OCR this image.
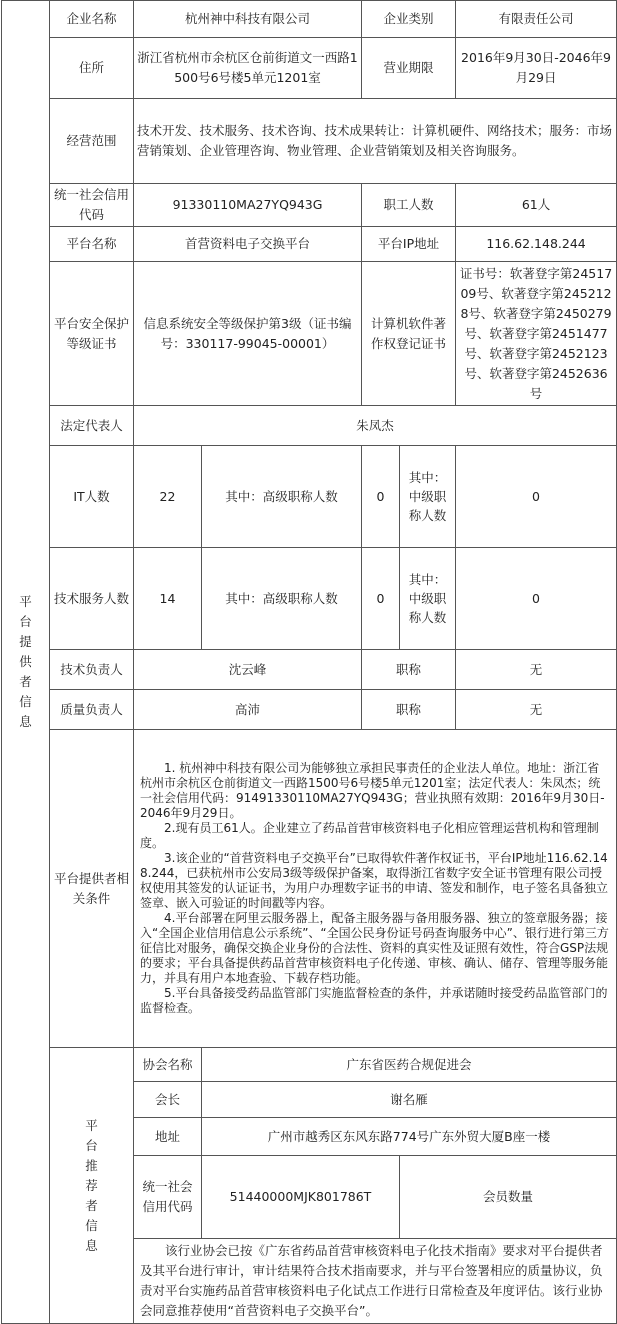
平台提供者信息	企业名称	杭州神中科技有限公司		企业类别		有限责任公司	
	住所	浙江省杭州市余杭区仓前街道文一西路1500号6号楼5单元1201室		营业期限		2016年9月30日-2046年9月29日	
	经营范围	技术开发、技术服务、技术咨询、技术成果转让：计算机硬件、网络技术；服务：市场营销策划、企业管理咨询、物业管理、企业营销策划及相关咨询服务。					
	统一社会信用代码	91330110MA27YQ943G		职工人数		61人	
	平台名称	首营资料电子交换平台		平台IP地址		116.62.148.244	
	平台安全保护等级证书	信息系统安全等级保护第3级（证书编号：330117-99045-00001）		计算机软件著作权登记证书		证书号：软著登字第2451709号、软著登字第2452128号、软著登字第2450279号、软著登字第2451477号、软著登字第2452123号、软著登字第2452636号	
	法定代表人	朱凤杰					
	IT人数	22	其中：高级职称人数	0	其中：中级职称人数	0	
	技术服务人数	14	其中：高级职称人数	0	其中：中级职称人数	0	
	技术负责人	沈云峰		职称		无	
	质量负责人	高沛		职称		无	
	平台提供者相关条件	1. 杭州神中科技有限公司为能够独立承担民事责任的企业法人单位。地址：浙江省杭州市余杭区仓前街道文一西路1500号6号楼5单元1201室；法定代表人：朱凤杰；统一社会信用代码：91491330110MA27YQ943G；营业执照有效期：2016年9月30日-2046年9月29日。

2.现有员工61人。企业建立了药品首营审核资料电子化相应管理运营机构和管理制度。

3.该企业的“首营资料电子交换平台”已取得软件著作权证书，平台IP地址116.62.148.244，已获杭州市公安局3级等级保护备案，取得浙江省数字安全证书管理有限公司授权使用其签发的认证证书，为用户办理数字证书的申请、签发和制作，电子签名具备独立签章、嵌入可验证的时间戳等内容。

4.平台部署在阿里云服务器上，配备主服务器与备用服务器、独立的签章服务器；接入“全国企业信用信息公示系统”、“全国公民身份证号码查询服务中心”、银行进行第三方征信比对服务，确保交换企业身份的合法性、资料的真实性及证照有效性，符合GSP法规的要求；平台具备提供药品首营审核资料电子化传递、审核、确认、储存、管理等服务能力，并具有用户本地查验、下载存档功能。

5.平台具备接受药品监管部门实施监督检查的条件，并承诺随时接受药品监管部门的监督检查。					

	平台推荐者信息	协会名称	广东省医药合规促进会				
		会长	谢名雁				
		地址	广州市越秀区东风东路774号广东外贸大厦B座一楼				
		统一社会信用代码	51440000MJK801786T		会员数量	

		该行业协会已按《广东省药品首营审核资料电子化技术指南》要求对平台提供者及其平台进行审计，审计结果符合技术指南要求，并与平台签署相应的质量协议，负责对平台实施药品首营审核资料电子化试点工作进行日常检查及年度评估。该行业协会同意推荐使用“首营资料电子交换平台”。					
